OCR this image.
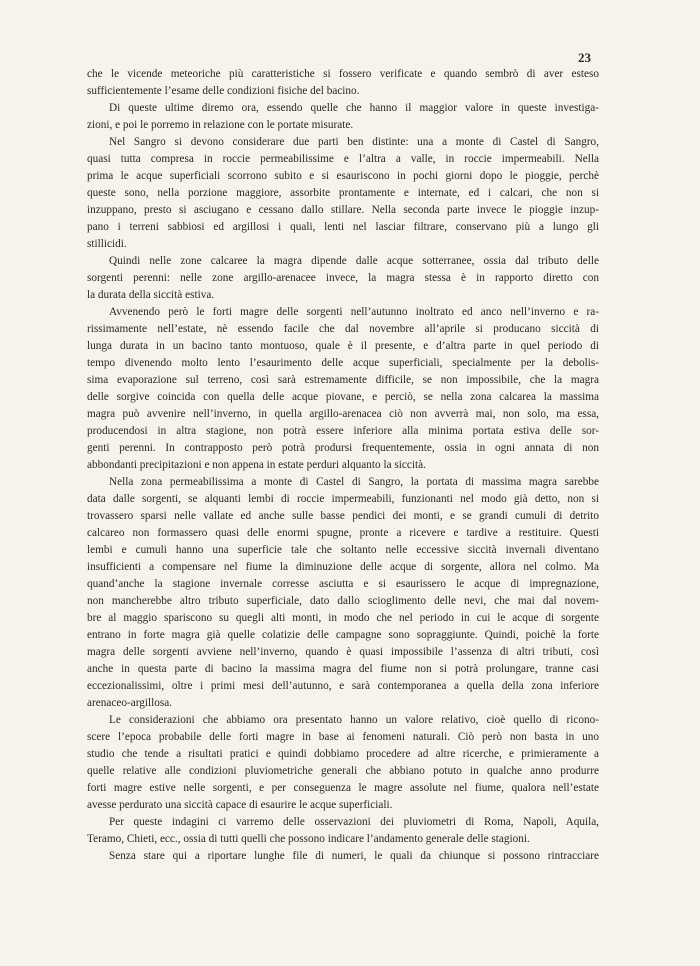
23
che le vicende meteoriche più caratteristiche si fossero verificate e quando sembrò di aver esteso
sufficientemente l’esame delle condizioni fisiche del bacino.
Di queste ultime diremo ora, essendo quelle che hanno il maggior valore in queste investiga-
zioni, e poi le porremo in relazione con le portate misurate.
Nel Sangro si devono considerare due parti ben distinte: una a monte di Castel di Sangro,
quasi tutta compresa in roccie permeabilissime e l’altra a valle, in roccie impermeabili. Nella
prima le acque superficiali scorrono subito e si esauriscono in pochi giorni dopo le pioggie, perchè
queste sono, nella porzione maggiore, assorbite prontamente e internate, ed i calcari, che non si
inzuppano, presto si asciugano e cessano dallo stillare. Nella seconda parte invece le pioggie inzup-
pano i terreni sabbiosi ed argillosi i quali, lenti nel lasciar filtrare, conservano più a lungo gli
stillicidi.
Quindi nelle zone calcaree la magra dipende dalle acque sotterranee, ossia dal tributo delle
sorgenti perenni: nelle zone argillo-arenacee invece, la magra stessa è in rapporto diretto con
la durata della siccità estiva.
Avvenendo però le forti magre delle sorgenti nell’autunno inoltrato ed anco nell’inverno e ra-
rissimamente nell’estate, nè essendo facile che dal novembre all’aprile si producano siccità di
lunga durata in un bacino tanto montuoso, quale è il presente, e d’altra parte in quel periodo di
tempo divenendo molto lento l’esaurimento delle acque superficiali, specialmente per la debolis-
sima evaporazione sul terreno, così sarà estremamente difficile, se non impossibile, che la magra
delle sorgive coincida con quella delle acque piovane, e perciò, se nella zona calcarea la massima
magra può avvenire nell’inverno, in quella argillo-arenacea ciò non avverrà mai, non solo, ma essa,
producendosi in altra stagione, non potrà essere inferiore alla minima portata estiva delle sor-
genti perenni. In contrapposto però potrà prodursi frequentemente, ossia in ogni annata di non
abbondanti precipitazioni e non appena in estate perduri alquanto la siccità.
Nella zona permeabilissima a monte di Castel di Sangro, la portata di massima magra sarebbe
data dalle sorgenti, se alquanti lembi di roccie impermeabili, funzionanti nel modo già detto, non si
trovassero sparsi nelle vallate ed anche sulle basse pendici dei monti, e se grandi cumuli di detrito
calcareo non formassero quasi delle enormi spugne, pronte a ricevere e tardive a restituire. Questi
lembi e cumuli hanno una superficie tale che soltanto nelle eccessive siccità invernali diventano
insufficienti a compensare nel fiume la diminuzione delle acque di sorgente, allora nel colmo. Ma
quand’anche la stagione invernale corresse asciutta e si esaurissero le acque di impregnazione,
non mancherebbe altro tributo superficiale, dato dallo scioglimento delle nevi, che mai dal novem-
bre al maggio spariscono su quegli alti monti, in modo che nel periodo in cui le acque di sorgente
entrano in forte magra già quelle colatizie delle campagne sono sopraggiunte. Quindi, poichè la forte
magra delle sorgenti avviene nell’inverno, quando è quasi impossibile l’assenza di altri tributi, così
anche in questa parte di bacino la massima magra del fiume non si potrà prolungare, tranne casi
eccezionalissimi, oltre i primi mesi dell’autunno, e sarà contemporanea a quella della zona inferiore
arenaceo-argillosa.
Le considerazioni che abbiamo ora presentato hanno un valore relativo, cioè quello di ricono-
scere l’epoca probabile delle forti magre in base ai fenomeni naturali. Ciò però non basta in uno
studio che tende a risultati pratici e quindi dobbiamo procedere ad altre ricerche, e primieramente a
quelle relative alle condizioni pluviometriche generali che abbiano potuto in qualche anno produrre
forti magre estive nelle sorgenti, e per conseguenza le magre assolute nel fiume, qualora nell’estate
avesse perdurato una siccità capace di esaurire le acque superficiali.
Per queste indagini ci varremo delle osservazioni dei pluviometri di Roma, Napoli, Aquila,
Teramo, Chieti, ecc., ossia di tutti quelli che possono indicare l’andamento generale delle stagioni.
Senza stare qui a riportare lunghe file di numeri, le quali da chiunque si possono rintracciare
